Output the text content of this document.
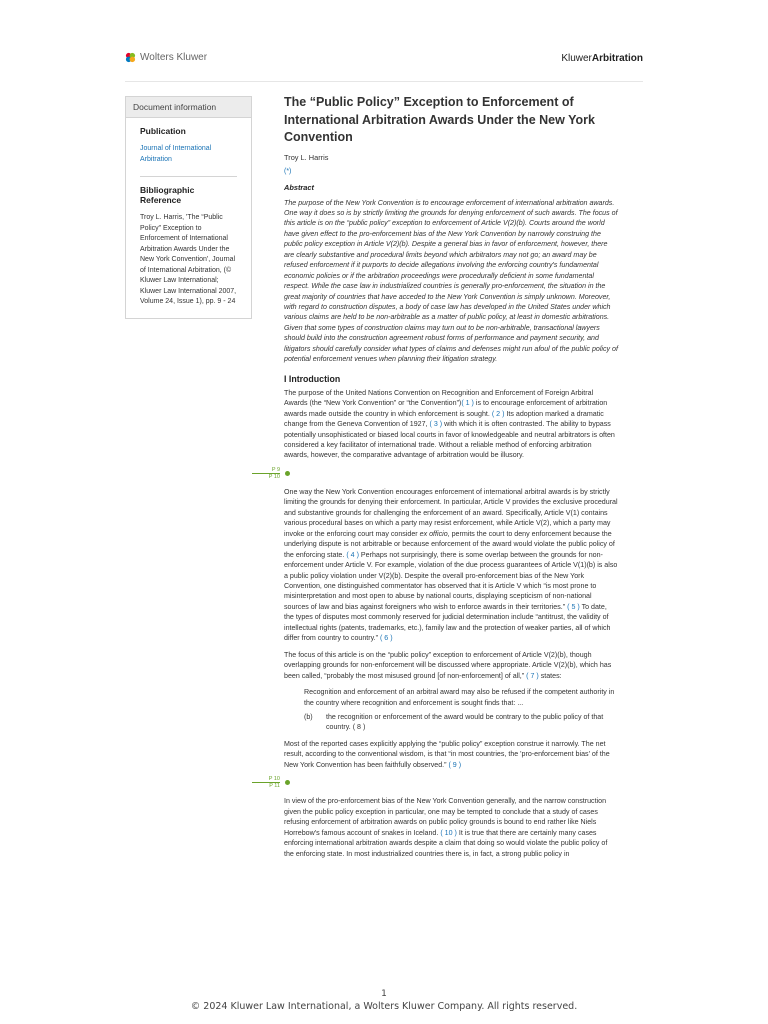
Wolters Kluwer	KluwerArbitration
Document information
Publication
Journal of International Arbitration
Bibliographic Reference
Troy L. Harris, 'The “Public Policy” Exception to Enforcement of International Arbitration Awards Under the New York Convention', Journal of International Arbitration, (© Kluwer Law International; Kluwer Law International 2007, Volume 24, Issue 1), pp. 9 - 24
The “Public Policy” Exception to Enforcement of International Arbitration Awards Under the New York Convention
Troy L. Harris
(*)
Abstract

The purpose of the New York Convention is to encourage enforcement of international arbitration awards. One way it does so is by strictly limiting the grounds for denying enforcement of such awards. The focus of this article is on the “public policy” exception to enforcement of Article V(2)(b). Courts around the world have given effect to the pro-enforcement bias of the New York Convention by narrowly construing the public policy exception in Article V(2)(b). Despite a general bias in favor of enforcement, however, there are clearly substantive and procedural limits beyond which arbitrators may not go; an award may be refused enforcement if it purports to decide allegations involving the enforcing country's fundamental economic policies or if the arbitration proceedings were procedurally deficient in some fundamental respect. While the case law in industrialized countries is generally pro-enforcement, the situation in the great majority of countries that have acceded to the New York Convention is simply unknown. Moreover, with regard to construction disputes, a body of case law has developed in the United States under which various claims are held to be non-arbitrable as a matter of public policy, at least in domestic arbitrations. Given that some types of construction claims may turn out to be non-arbitrable, transactional lawyers should build into the construction agreement robust forms of performance and payment security, and litigators should carefully consider what types of claims and defenses might run afoul of the public policy of potential enforcement venues when planning their litigation strategy.

I Introduction

The purpose of the United Nations Convention on Recognition and Enforcement of Foreign Arbitral Awards (the “New York Convention” or “the Convention”)( 1 ) is to encourage enforcement of arbitration awards made outside the country in which enforcement is sought. ( 2 ) Its adoption marked a dramatic change from the Geneva Convention of 1927, ( 3 ) with which it is often contrasted. The ability to bypass potentially unsophisticated or biased local courts in favor of knowledgeable and neutral arbitrators is often considered a key facilitator of international trade. Without a reliable method of enforcing arbitration awards, however, the comparative advantage of arbitration would be illusory.

P 9
P 10

One way the New York Convention encourages enforcement of international arbitral awards is by strictly limiting the grounds for denying their enforcement. In particular, Article V provides the exclusive procedural and substantive grounds for challenging the enforcement of an award. Specifically, Article V(1) contains various procedural bases on which a party may resist enforcement, while Article V(2), which a party may invoke or the enforcing court may consider ex officio, permits the court to deny enforcement because the underlying dispute is not arbitrable or because enforcement of the award would violate the public policy of the enforcing state. ( 4 ) Perhaps not surprisingly, there is some overlap between the grounds for non-enforcement under Article V. For example, violation of the due process guarantees of Article V(1)(b) is also a public policy violation under V(2)(b). Despite the overall pro-enforcement bias of the New York Convention, one distinguished commentator has observed that it is Article V which “is most prone to misinterpretation and most open to abuse by national courts, displaying scepticism of non-national sources of law and bias against foreigners who wish to enforce awards in their territories.” ( 5 ) To date, the types of disputes most commonly reserved for judicial determination include “antitrust, the validity of intellectual rights (patents, trademarks, etc.), family law and the protection of weaker parties, all of which differ from country to country.” ( 6 )

The focus of this article is on the “public policy” exception to enforcement of Article V(2)(b), though overlapping grounds for non-enforcement will be discussed where appropriate. Article V(2)(b), which has been called, “probably the most misused ground [of non-enforcement] of all,” ( 7 ) states:

Recognition and enforcement of an arbitral award may also be refused if the competent authority in the country where recognition and enforcement is sought finds that: ...
(b)	the recognition or enforcement of the award would be contrary to the public policy of that country. ( 8 )

Most of the reported cases explicitly applying the “public policy” exception construe it narrowly. The net result, according to the conventional wisdom, is that “in most countries, the 'pro-enforcement bias' of the New York Convention has been faithfully observed.” ( 9 )

P 10
P 11

In view of the pro-enforcement bias of the New York Convention generally, and the narrow construction given the public policy exception in particular, one may be tempted to conclude that a study of cases refusing enforcement of arbitration awards on public policy grounds is bound to end rather like Niels Horrebow's famous account of snakes in Iceland. ( 10 ) It is true that there are certainly many cases enforcing international arbitration awards despite a claim that doing so would violate the public policy of the enforcing state. In most industrialized countries there is, in fact, a strong public policy in

1
© 2024 Kluwer Law International, a Wolters Kluwer Company. All rights reserved.
